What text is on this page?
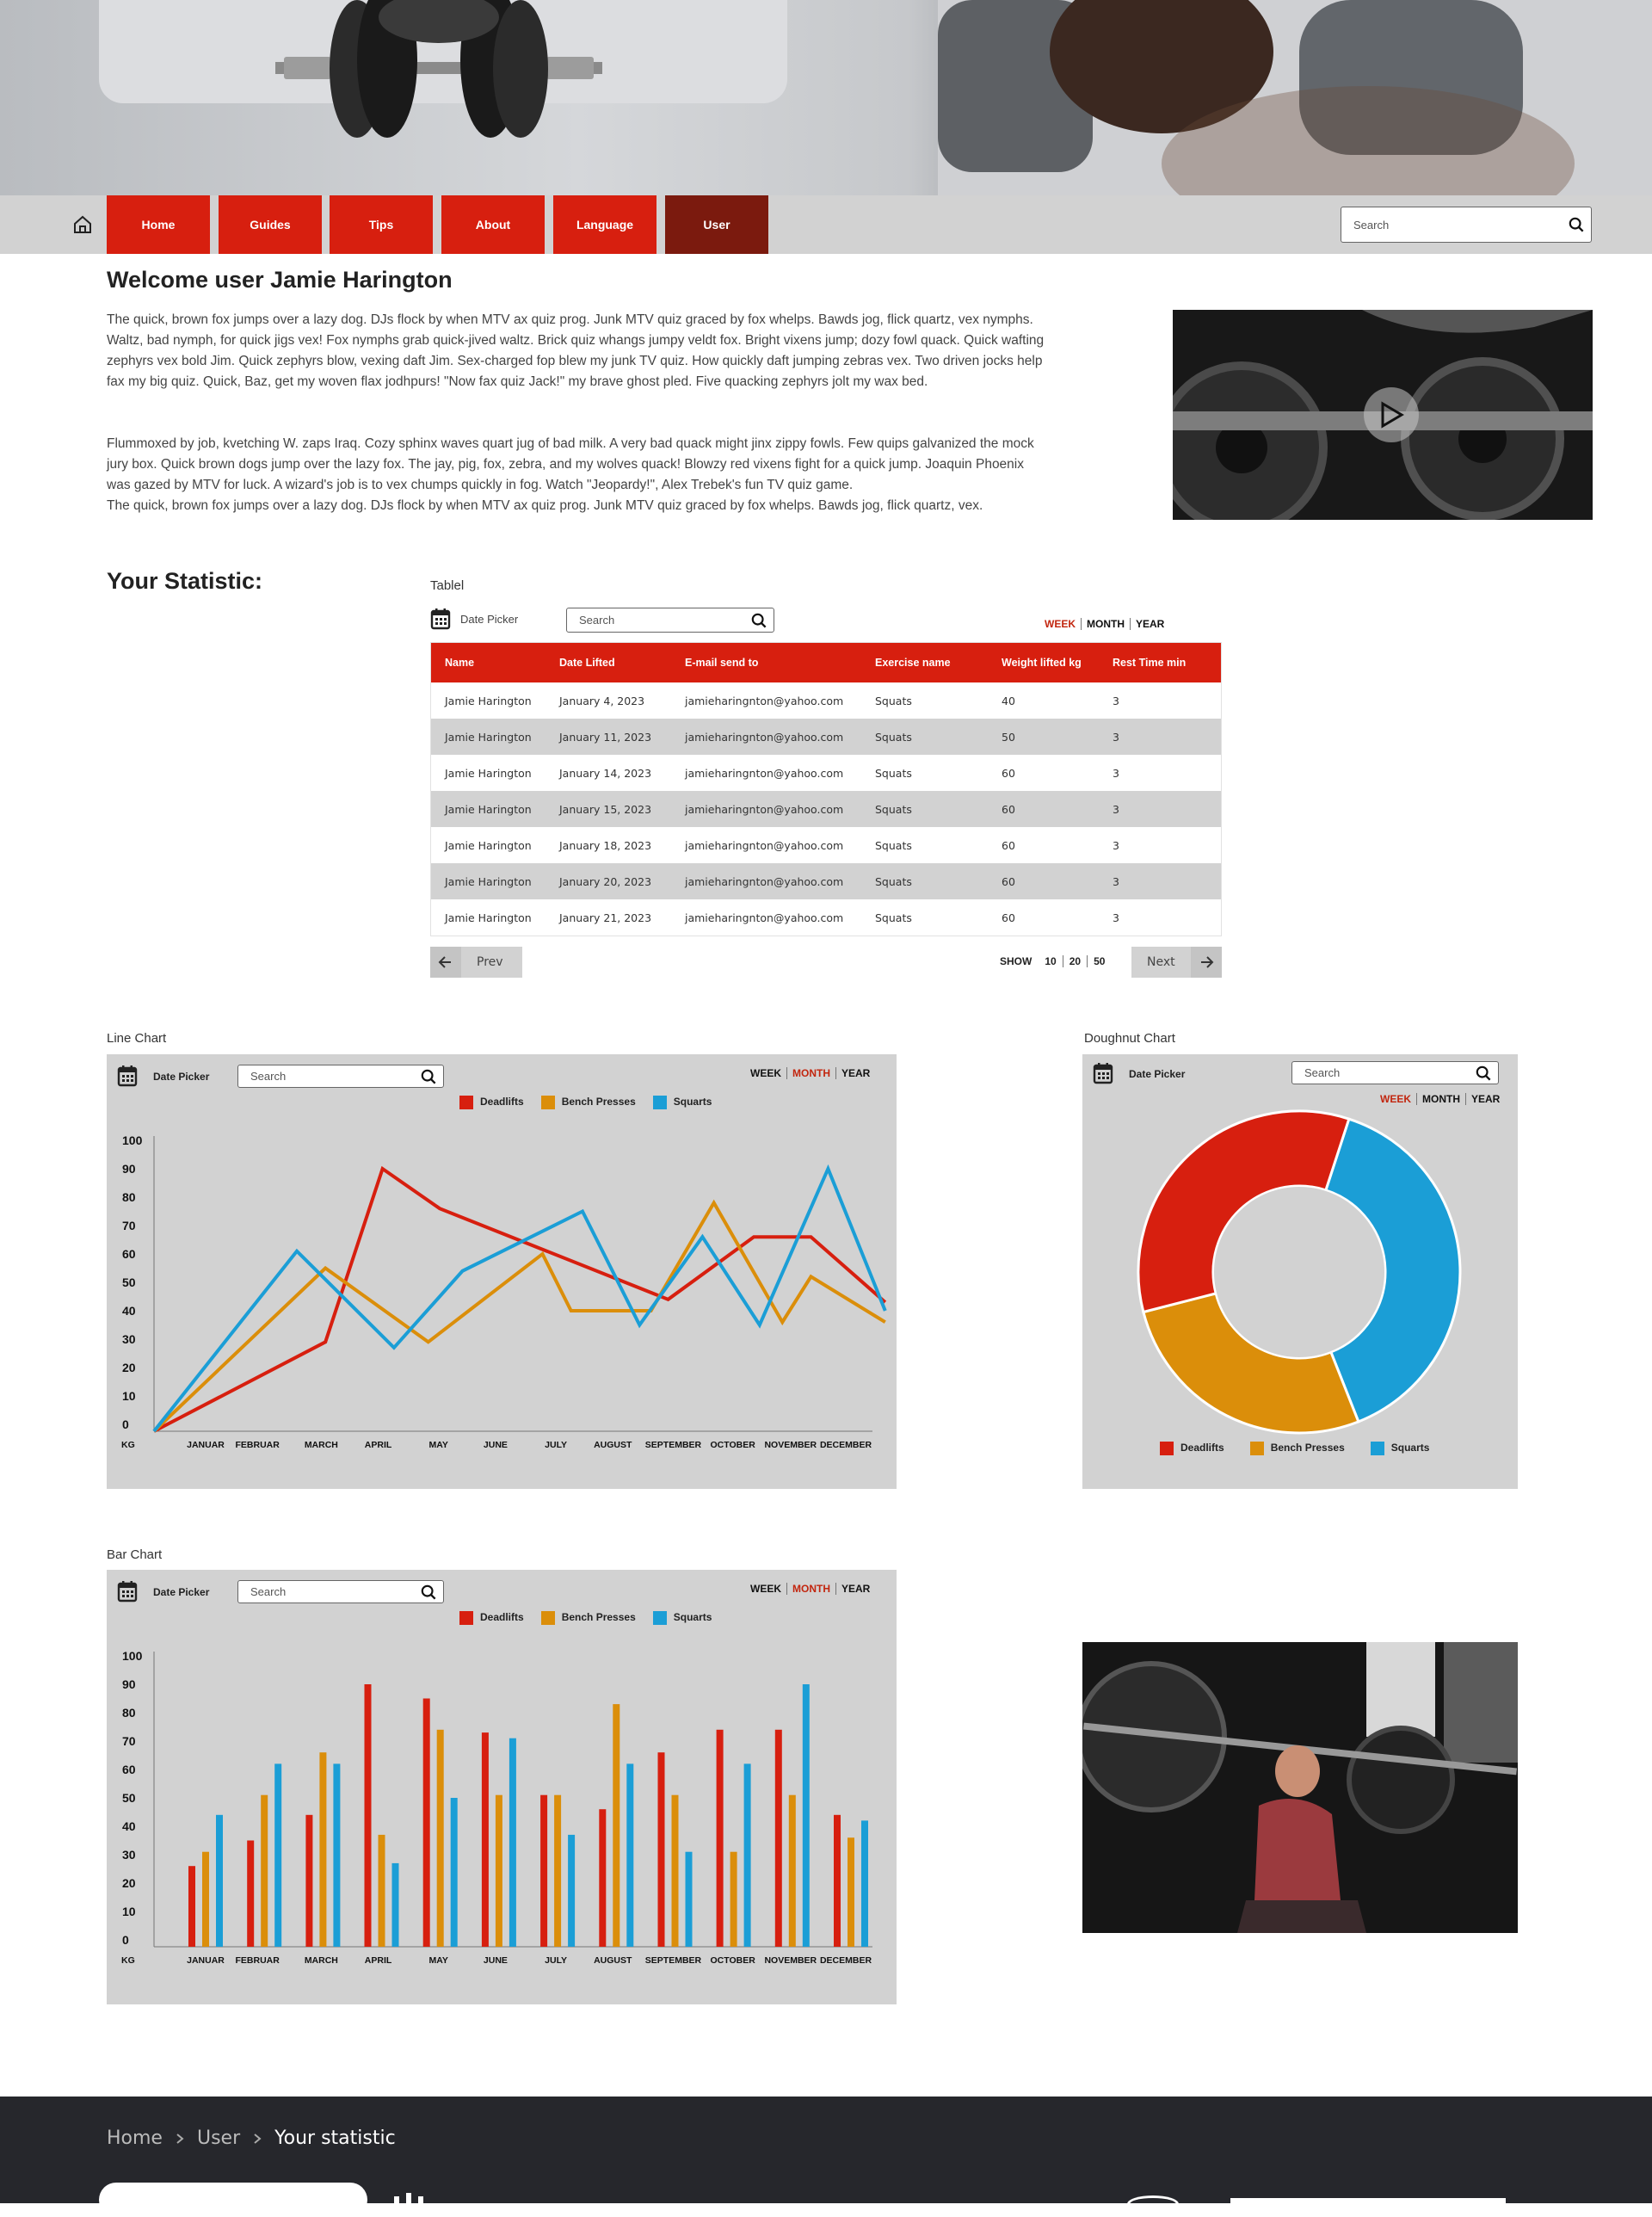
Home	Guides	Tips	About	Language	User	Search
Welcome user Jamie Harington
The quick, brown fox jumps over a lazy dog. DJs flock by when MTV ax quiz prog. Junk MTV quiz graced by fox whelps. Bawds jog, flick quartz, vex nymphs. Waltz, bad nymph, for quick jigs vex! Fox nymphs grab quick-jived waltz. Brick quiz whangs jumpy veldt fox. Bright vixens jump; dozy fowl quack. Quick wafting zephyrs vex bold Jim. Quick zephyrs blow, vexing daft Jim. Sex-charged fop blew my junk TV quiz. How quickly daft jumping zebras vex. Two driven jocks help fax my big quiz. Quick, Baz, get my woven flax jodhpurs! "Now fax quiz Jack!" my brave ghost pled. Five quacking zephyrs jolt my wax bed.
Flummoxed by job, kvetching W. zaps Iraq. Cozy sphinx waves quart jug of bad milk. A very bad quack might jinx zippy fowls. Few quips galvanized the mock jury box. Quick brown dogs jump over the lazy fox. The jay, pig, fox, zebra, and my wolves quack! Blowzy red vixens fight for a quick jump. Joaquin Phoenix was gazed by MTV for luck. A wizard's job is to vex chumps quickly in fog. Watch "Jeopardy!", Alex Trebek's fun TV quiz game.
The quick, brown fox jumps over a lazy dog. DJs flock by when MTV ax quiz prog. Junk MTV quiz graced by fox whelps. Bawds jog, flick quartz, vex.
Your Statistic:	Tablel
Date Picker	Search	WEEK	MONTH	YEAR
Name	Date Lifted	E-mail send to	Exercise name	Weight lifted kg	Rest Time min
Jamie Harington	January 4, 2023	jamieharingnton@yahoo.com	Squats	40	3
Jamie Harington	January 11, 2023	jamieharingnton@yahoo.com	Squats	50	3
Jamie Harington	January 14, 2023	jamieharingnton@yahoo.com	Squats	60	3
Jamie Harington	January 15, 2023	jamieharingnton@yahoo.com	Squats	60	3
Jamie Harington	January 18, 2023	jamieharingnton@yahoo.com	Squats	60	3
Jamie Harington	January 20, 2023	jamieharingnton@yahoo.com	Squats	60	3
Jamie Harington	January 21, 2023	jamieharingnton@yahoo.com	Squats	60	3
Prev	SHOW	10	20	50	Next
Line Chart
Date Picker	Search	WEEK	MONTH	YEAR
Deadlifts	Bench Presses	Squarts
0
10
20
30
40
50
60
70
80
90
100
KG	JANUAR FEBRUAR	MARCH	APRIL	MAY	JUNE	JULY	AUGUST SEPTEMBER OCTOBER NOVEMBER DECEMBER
Doughnut Chart
Date Picker	Search
WEEK	MONTH	YEAR
Deadlifts	Bench Presses	Squarts
Bar Chart
Date Picker	Search	WEEK	MONTH	YEAR
Deadlifts	Bench Presses	Squarts
0
10
20
30
40
50
60
70
80
90
100
KG	JANUAR FEBRUAR	MARCH	APRIL	MAY	JUNE	JULY	AUGUST SEPTEMBER OCTOBER NOVEMBER DECEMBER
Home User Your statistic
